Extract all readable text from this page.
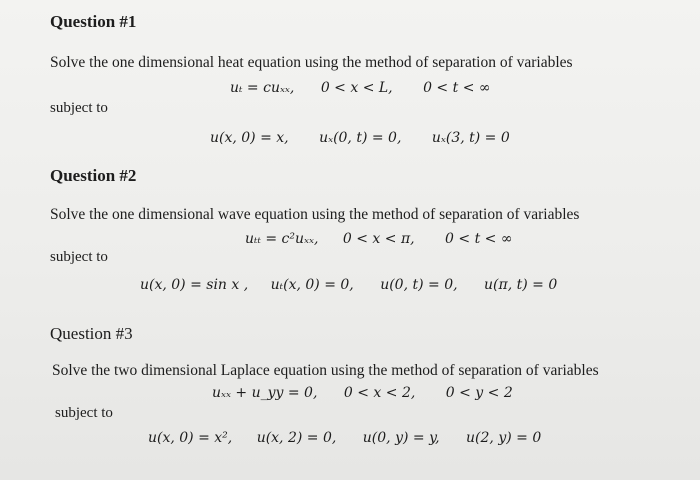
Question #1
Solve the one dimensional heat equation using the method of separation of variables
uₜ = cuₓₓ, 0 < x < L, 0 < t < ∞
subject to
u(x, 0) = x, uₓ(0, t) = 0, uₓ(3, t) = 0
Question #2
Solve the one dimensional wave equation using the method of separation of variables
uₜₜ = c²uₓₓ, 0 < x < π, 0 < t < ∞
subject to
u(x, 0) = sin x , uₜ(x, 0) = 0, u(0, t) = 0, u(π, t) = 0
Question #3
Solve the two dimensional Laplace equation using the method of separation of variables
uₓₓ + u_yy = 0, 0 < x < 2, 0 < y < 2
subject to
u(x, 0) = x², u(x, 2) = 0, u(0, y) = y, u(2, y) = 0
